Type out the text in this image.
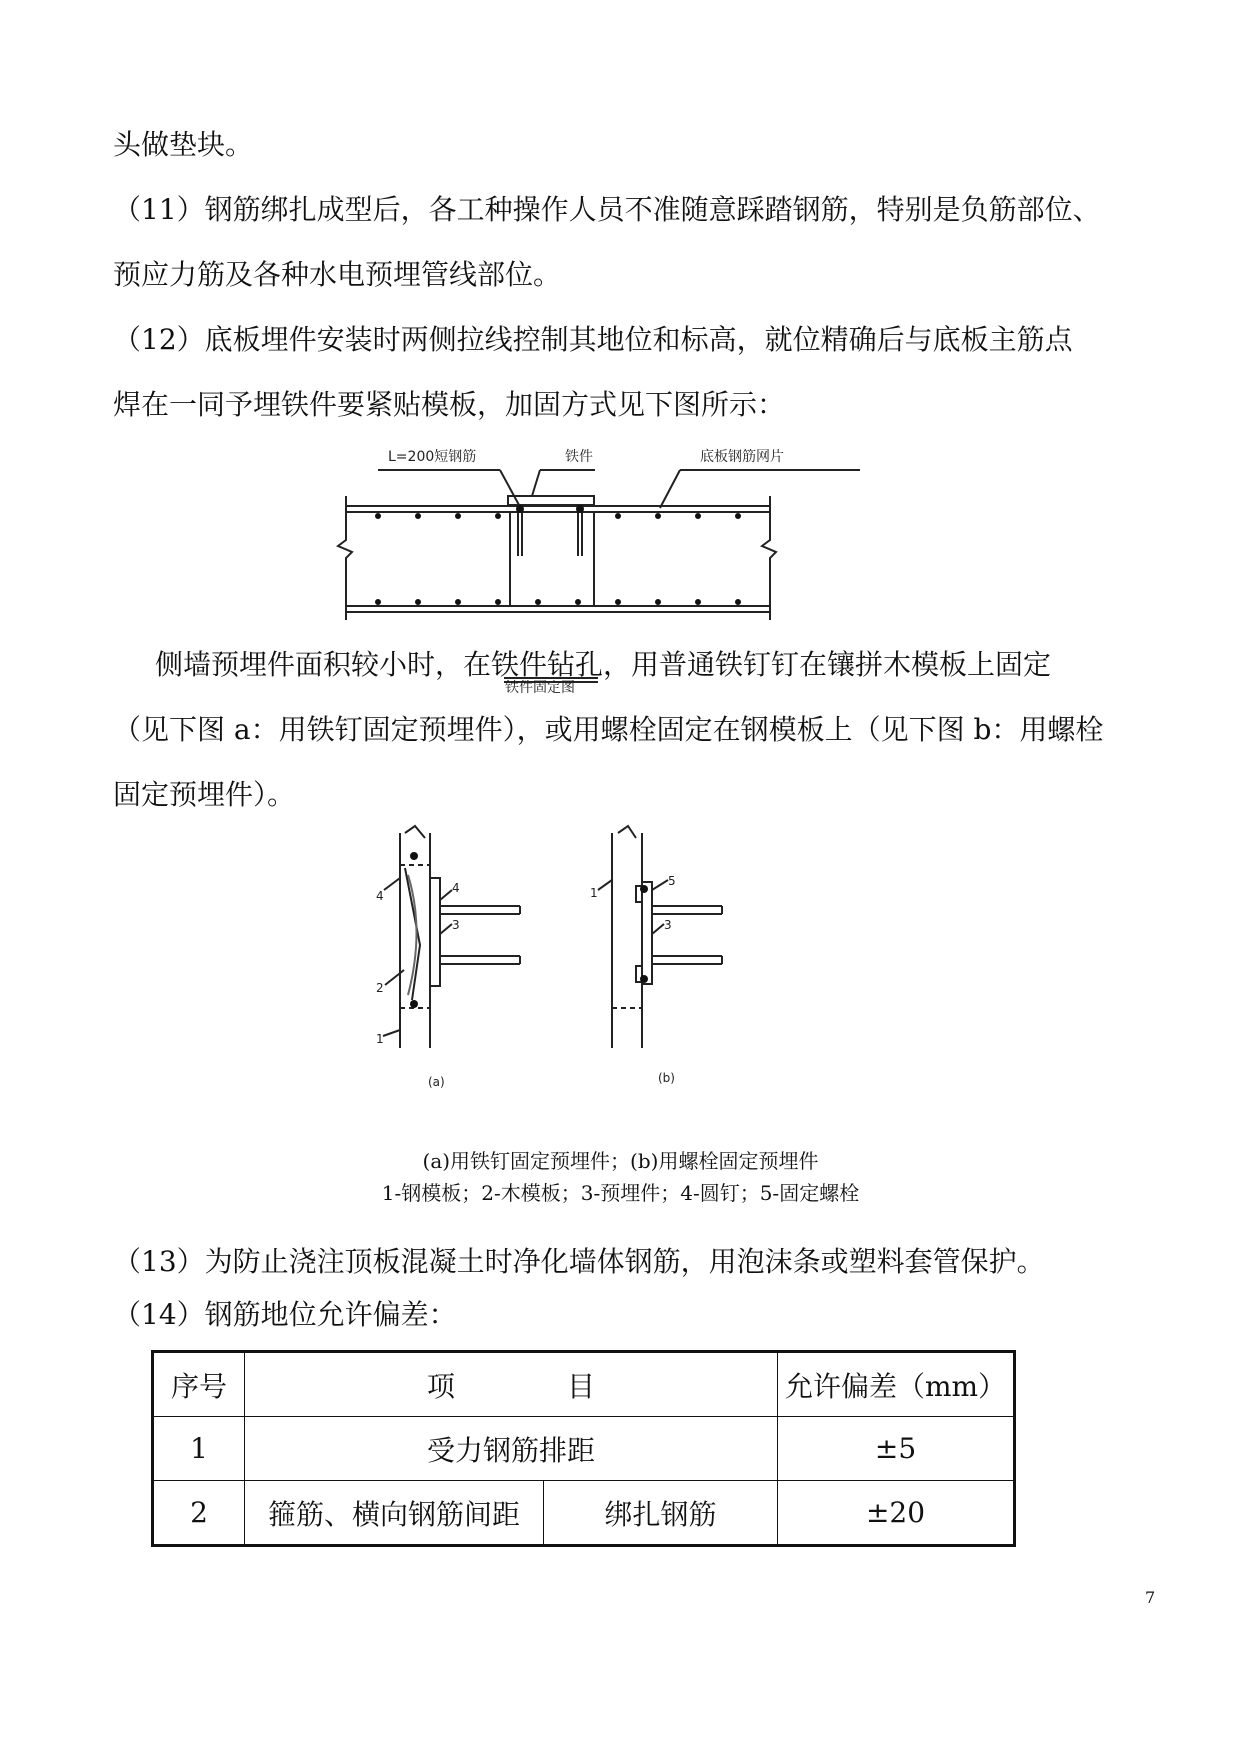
头做垫块。
（11）钢筋绑扎成型后，各工种操作人员不准随意踩踏钢筋，特别是负筋部位、
预应力筋及各种水电预埋管线部位。
（12）底板埋件安装时两侧拉线控制其地位和标高，就位精确后与底板主筋点
焊在一同予埋铁件要紧贴模板，加固方式见下图所示：
L=200短钢筋	铁件	底板钢筋网片
侧墙预埋件面积较小时，在铁件钻孔，用普通铁钉钉在镶拼木模板上固定
铁件固定图
（见下图 a：用铁钉固定预埋件），或用螺栓固定在钢模板上（见下图 b：用螺栓
固定预埋件）。
4
4
3
2
1
1
5
3
(a)	(b)
(a)用铁钉固定预埋件；(b)用螺栓固定预埋件
1-钢模板；2-木模板；3-预埋件；4-圆钉；5-固定螺栓
（13）为防止浇注顶板混凝土时净化墙体钢筋，用泡沫条或塑料套管保护。
（14）钢筋地位允许偏差：
序号	项　　　　目		允许偏差（mm）
1	受力钢筋排距		±5
2	箍筋、横向钢筋间距	绑扎钢筋	±20
7
